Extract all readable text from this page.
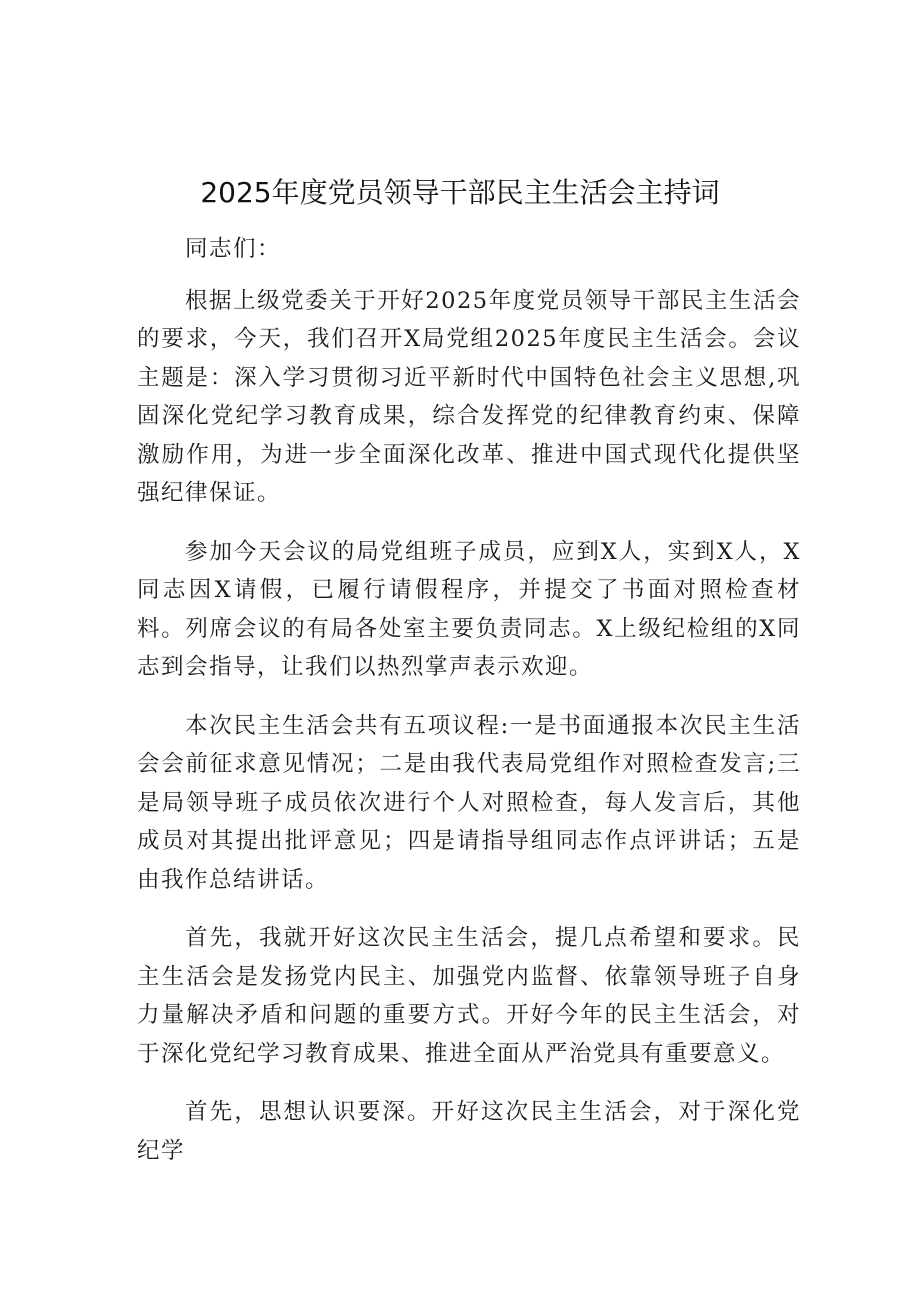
2025年度党员领导干部民主生活会主持词

同志们：

根据上级党委关于开好2025年度党员领导干部民主生活会的要求，今天，我们召开X局党组2025年度民主生活会。会议主题是：深入学习贯彻习近平新时代中国特色社会主义思想,巩固深化党纪学习教育成果，综合发挥党的纪律教育约束、保障激励作用，为进一步全面深化改革、推进中国式现代化提供坚强纪律保证。

参加今天会议的局党组班子成员，应到X人，实到X人，X同志因X请假，已履行请假程序，并提交了书面对照检查材料。列席会议的有局各处室主要负责同志。X上级纪检组的X同志到会指导，让我们以热烈掌声表示欢迎。

本次民主生活会共有五项议程:一是书面通报本次民主生活会会前征求意见情况；二是由我代表局党组作对照检查发言;三是局领导班子成员依次进行个人对照检查，每人发言后，其他成员对其提出批评意见；四是请指导组同志作点评讲话；五是由我作总结讲话。

首先，我就开好这次民主生活会，提几点希望和要求。民主生活会是发扬党内民主、加强党内监督、依靠领导班子自身力量解决矛盾和问题的重要方式。开好今年的民主生活会，对于深化党纪学习教育成果、推进全面从严治党具有重要意义。

首先，思想认识要深。开好这次民主生活会，对于深化党纪学
